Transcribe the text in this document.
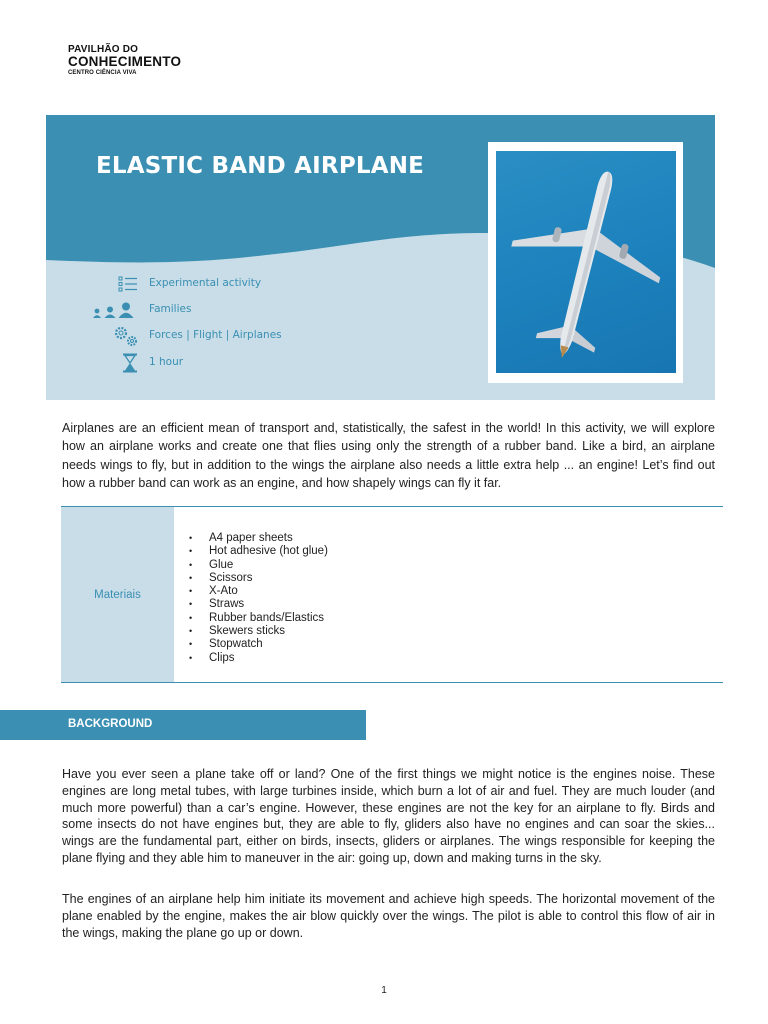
PAVILHÃO DO
CONHECIMENTO
CENTRO CIÊNCIA VIVA
ELASTIC BAND AIRPLANE
Experimental activity
Families
Forces | Flight | Airplanes
1 hour

Airplanes are an efficient mean of transport and, statistically, the safest in the world! In this activity, we will explore how an airplane works and create one that flies using only the strength of a rubber band. Like a bird, an airplane needs wings to fly, but in addition to the wings the airplane also needs a little extra help ... an engine! Let’s find out how a rubber band can work as an engine, and how shapely wings can fly it far.

Materiais
• A4 paper sheets
• Hot adhesive (hot glue)
• Glue
• Scissors
• X-Ato
• Straws
• Rubber bands/Elastics
• Skewers sticks
• Stopwatch
• Clips
BACKGROUND

Have you ever seen a plane take off or land? One of the first things we might notice is the engines noise. These engines are long metal tubes, with large turbines inside, which burn a lot of air and fuel. They are much louder (and much more powerful) than a car’s engine. However, these engines are not the key for an airplane to fly. Birds and some insects do not have engines but, they are able to fly, gliders also have no engines and can soar the skies... wings are the fundamental part, either on birds, insects, gliders or airplanes. The wings responsible for keeping the plane flying and they able him to maneuver in the air: going up, down and making turns in the sky.

The engines of an airplane help him initiate its movement and achieve high speeds. The horizontal movement of the plane enabled by the engine, makes the air blow quickly over the wings. The pilot is able to control this flow of air in the wings, making the plane go up or down.

1
